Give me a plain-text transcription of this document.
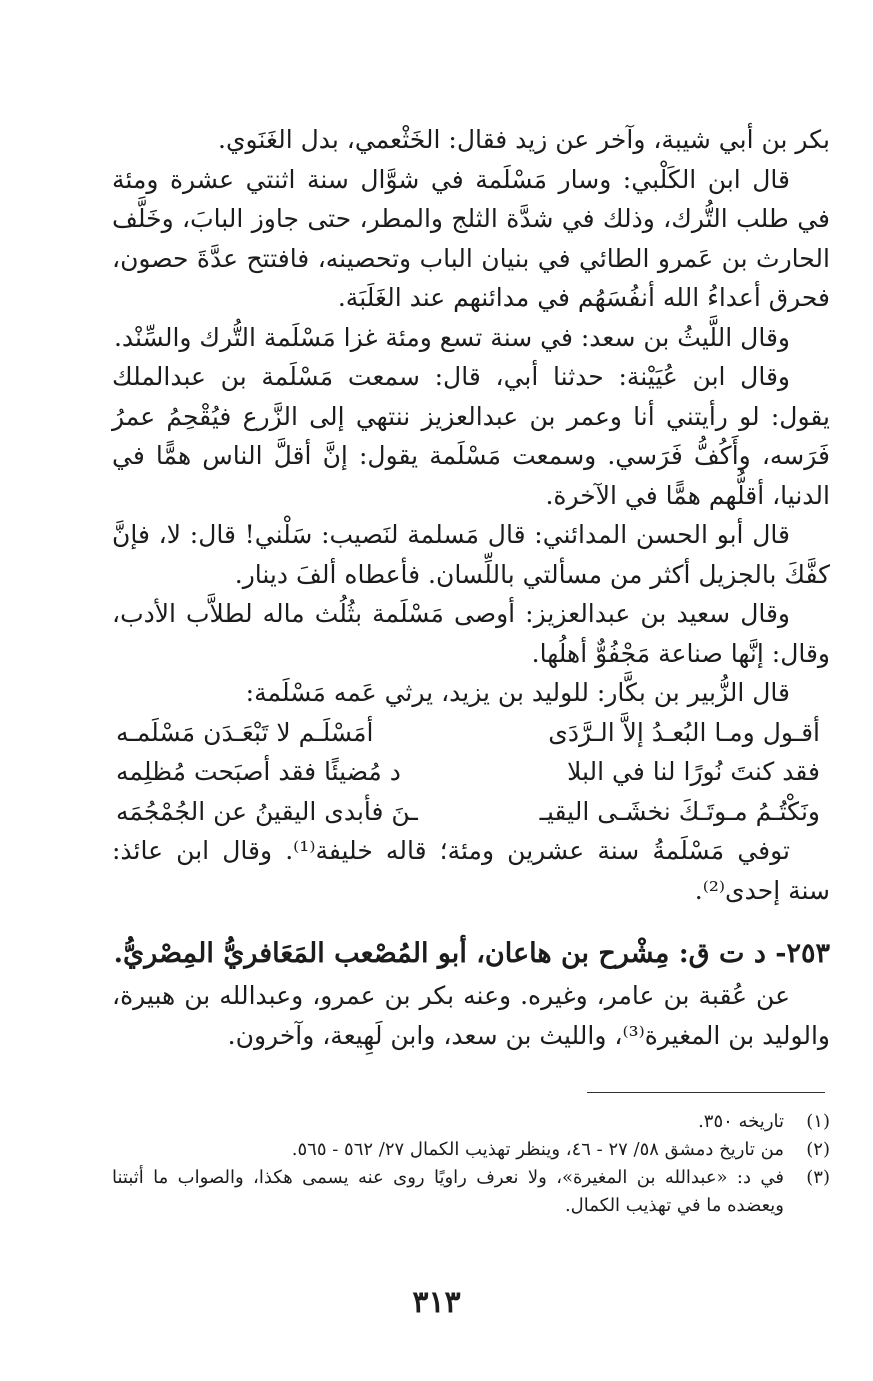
بكر بن أبي شيبة، وآخر عن زيد فقال: الخَثْعمي، بدل الغَنَوي.

قال ابن الكَلْبي: وسار مَسْلَمة في شوَّال سنة اثنتي عشرة ومئة في طلب التُّرك، وذلك في شدَّة الثلج والمطر، حتى جاوز البابَ، وخَلَّف الحارث بن عَمرو الطائي في بنيان الباب وتحصينه، فافتتح عدَّةَ حصون، فحرق أعداءُ الله أنفُسَهُم في مدائنهم عند الغَلَبَة.

وقال اللَّيثُ بن سعد: في سنة تسع ومئة غزا مَسْلَمة التُّرك والسِّنْد.

وقال ابن عُيَيْنة: حدثنا أبي، قال: سمعت مَسْلَمة بن عبدالملك يقول: لو رأيتني أنا وعمر بن عبدالعزيز ننتهي إلى الزَّرع فيُقْحِمُ عمرُ فَرَسه، وأَكُفُّ فَرَسي. وسمعت مَسْلَمة يقول: إنَّ أقلَّ الناس همًّا في الدنيا، أقلُّهم همًّا في الآخرة.

قال أبو الحسن المدائني: قال مَسلمة لنَصيب: سَلْني! قال: لا، فإنَّ كفَّكَ بالجزيل أكثر من مسألتي باللِّسان. فأعطاه ألفَ دينار.

وقال سعيد بن عبدالعزيز: أوصى مَسْلَمة بثُلُث ماله لطلاَّب الأدب، وقال: إنَّها صناعة مَجْفُوٌّ أهلُها.

قال الزُّبير بن بكَّار: للوليد بن يزيد، يرثي عَمه مَسْلَمة:

أقـول ومـا البُعـدُ إلاَّ الـرَّدَى
أمَسْلَـم لا تَبْعَـدَن مَسْلَمـه
فقد كنتَ نُورًا لنا في البلا
د مُضيئًا فقد أصبَحت مُظلِمه
ونَكْتُـمُ مـوتَـكَ نخشَـى اليقيـ
ـنَ فأبدى اليقينُ عن الجُمْجُمَه

توفي مَسْلَمةُ سنة عشرين ومئة؛ قاله خليفة⁽¹⁾. وقال ابن عائذ: سنة إحدى⁽²⁾.

٢٥٣- د ت ق: مِشْرح بن هاعان، أبو المُصْعب المَعَافريُّ المِصْريُّ.

عن عُقبة بن عامر، وغيره. وعنه بكر بن عمرو، وعبدالله بن هبيرة، والوليد بن المغيرة⁽³⁾، والليث بن سعد، وابن لَهِيعة، وآخرون.

(١)
تاريخه ٣٥٠.
(٢)
من تاريخ دمشق ٥٨/ ٢٧ - ٤٦، وينظر تهذيب الكمال ٢٧/ ٥٦٢ - ٥٦٥.
(٣)
في د: «عبدالله بن المغيرة»، ولا نعرف راويًا روى عنه يسمى هكذا، والصواب ما أثبتنا ويعضده ما في تهذيب الكمال.
٣١٣
